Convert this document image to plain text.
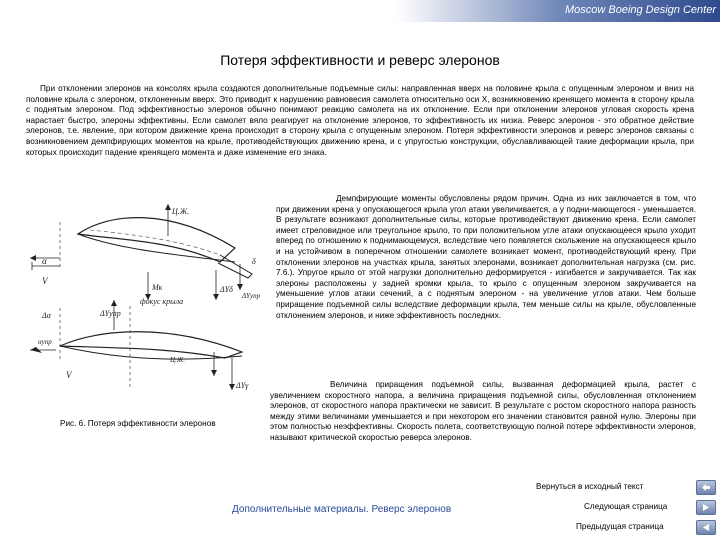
Moscow Boeing Design Center
Потеря эффективности и реверс элеронов
При отклонении элеронов на консолях крыла создаются дополнительные подъемные силы: направленная вверх на половине крыла с опущенным элероном и вниз на половине крыла с элероном, отклоненным вверх. Это приводит к нарушению равновесия самолета относительно оси X, возникновению кренящего момента в сторону крыла с поднятым элероном. Под эффективностью элеронов обычно понимают реакцию самолета на их отклонение. Если при отклонении элеронов угловая скорость крена нарастает быстро, элероны эффективны. Если самолет вяло реагирует на отклонение элеронов, то эффективность их низка. Реверс элеронов - это обратное действие элеронов, т.е. явление, при котором движение крена происходит в сторону крыла с опущенным элероном. Потеря эффективности элеронов и реверс элеронов связаны с возникновением демпфирующих моментов на крыле, противодействующих движению крена, и с упругостью конструкции, обуславливающей такие деформации крыла, при которых происходит падение кренящего момента и даже изменение его знака.
Демпфирующие моменты обусловлены рядом причин. Одна из них заключается в том, что при движении крена у опускающегося крыла угол атаки увеличивается, а у подни-мающегося - уменьшается. В результате возникают дополнительные силы, которые противодействуют движению крена. Если самолет имеет стреловидное или треугольное крыло, то при положительном угле атаки опускающееся крыло уходит вперед по отношению к поднимающемуся, вследствие чего появляется скольжение на опускающееся крыло и на устойчивом в поперечном отношении самолете возникает момент, противодействующий крену. При отклонении элеронов на участках крыла, занятых элеронами, возникает дополнительная нагрузка (см. рис. 7.6.). Упругое крыло от этой нагрузки дополнительно деформируется - изгибается и закручивается. Так как элероны расположены у задней кромки крыла, то крыло с опущенным элероном закручивается на уменьшение углов атаки сечений, а с поднятым элероном - на увеличение углов атаки. Чем больше приращение подъемной силы вследствие деформации крыла, тем меньше силы на крыле, обусловленные отклонением элеронов, и ниже эффективность последних.
Величина приращения подъемной силы, вызванная деформацией крыла, растет с увеличением скоростного напора, а величина приращения подъемной силы, обусловленная отклонением элеронов, от скоростного напора практически не зависит. В результате с ростом скоростного напора разность между этими величинами уменьшается и при некотором его значении становится равной нулю. Элероны при этом полностью неэффективны. Скорость полета, соответствующую полной потере эффективности элеронов, называют критической скоростью реверса элеронов.
Ц.Ж.
α
V
Mк	ΔYδ
δ
ΔYупр
фокус крыла
ΔYупр
Δα
αупр
Ц.Ж.
V
ΔYγ
Рис. 6. Потеря эффективности элеронов
Вернуться в исходный текст
Дополнительные материалы. Реверс элеронов	Следующая страница
Предыдущая страница
